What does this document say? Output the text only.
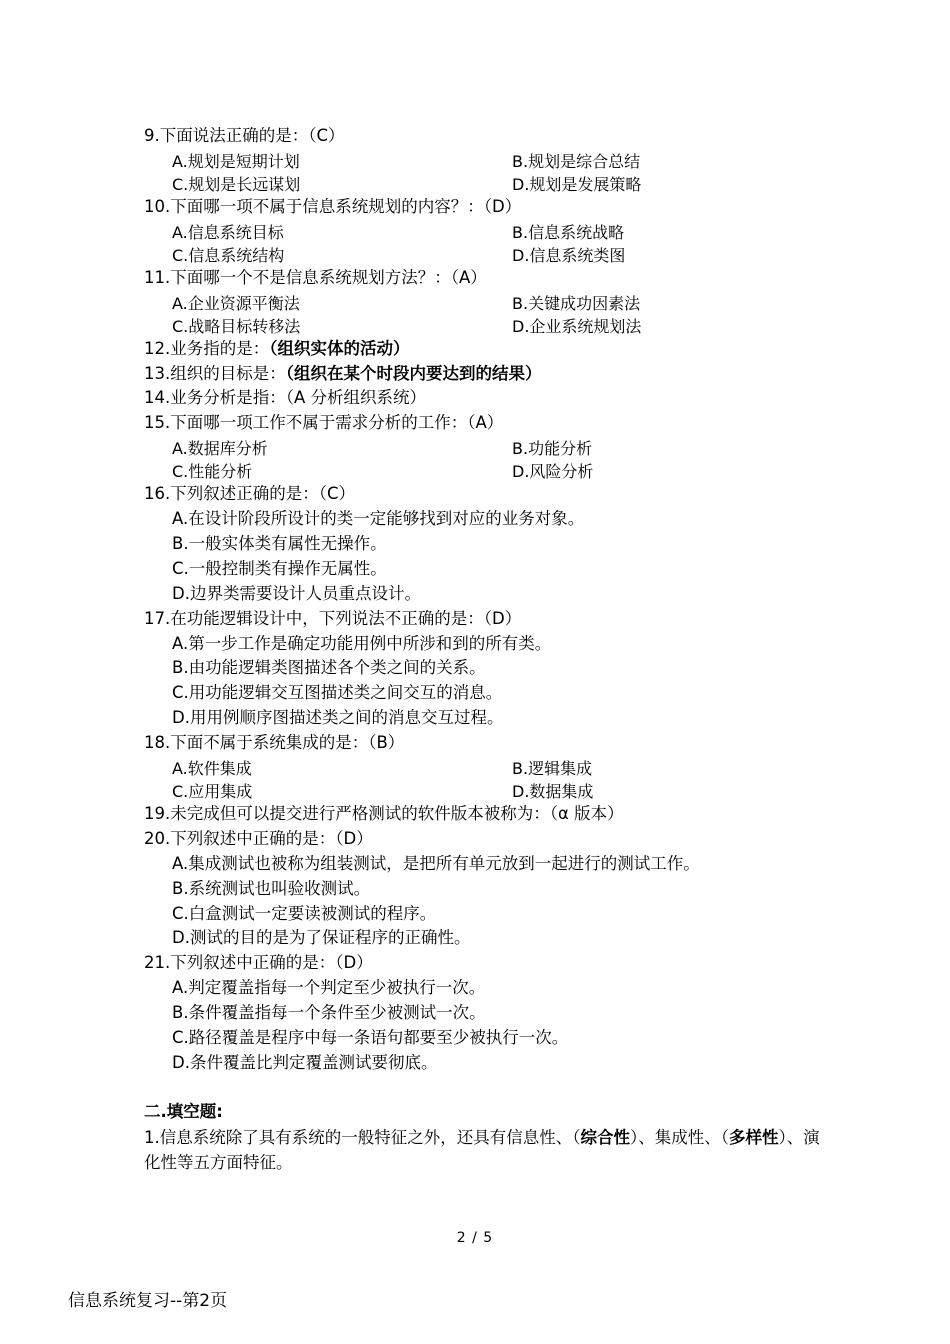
9.下面说法正确的是：（C）
A.规划是短期计划	B.规划是综合总结
C.规划是长远谋划	D.规划是发展策略
10.下面哪一项不属于信息系统规划的内容？：（D）
A.信息系统目标	B.信息系统战略
C.信息系统结构	D.信息系统类图
11.下面哪一个不是信息系统规划方法？：（A）
A.企业资源平衡法	B.关键成功因素法
C.战略目标转移法	D.企业系统规划法
12.业务指的是：（组织实体的活动）
13.组织的目标是：（组织在某个时段内要达到的结果）
14.业务分析是指：（A 分析组织系统）
15.下面哪一项工作不属于需求分析的工作：（A）
A.数据库分析	B.功能分析
C.性能分析	D.风险分析
16.下列叙述正确的是：（C）
A.在设计阶段所设计的类一定能够找到对应的业务对象。
B.一般实体类有属性无操作。
C.一般控制类有操作无属性。
D.边界类需要设计人员重点设计。
17.在功能逻辑设计中，下列说法不正确的是：（D）
A.第一步工作是确定功能用例中所涉和到的所有类。
B.由功能逻辑类图描述各个类之间的关系。
C.用功能逻辑交互图描述类之间交互的消息。
D.用用例顺序图描述类之间的消息交互过程。
18.下面不属于系统集成的是：（B）
A.软件集成	B.逻辑集成
C.应用集成	D.数据集成
19.未完成但可以提交进行严格测试的软件版本被称为：（α 版本）
20.下列叙述中正确的是：（D）
A.集成测试也被称为组装测试，是把所有单元放到一起进行的测试工作。
B.系统测试也叫验收测试。
C.白盒测试一定要读被测试的程序。
D.测试的目的是为了保证程序的正确性。
21.下列叙述中正确的是：（D）
A.判定覆盖指每一个判定至少被执行一次。
B.条件覆盖指每一个条件至少被测试一次。
C.路径覆盖是程序中每一条语句都要至少被执行一次。
D.条件覆盖比判定覆盖测试要彻底。
二.填空题:
1.信息系统除了具有系统的一般特征之外，还具有信息性、（综合性）、集成性、（多样性）、演化性等五方面特征。
2 / 5
信息系统复习--第2页
